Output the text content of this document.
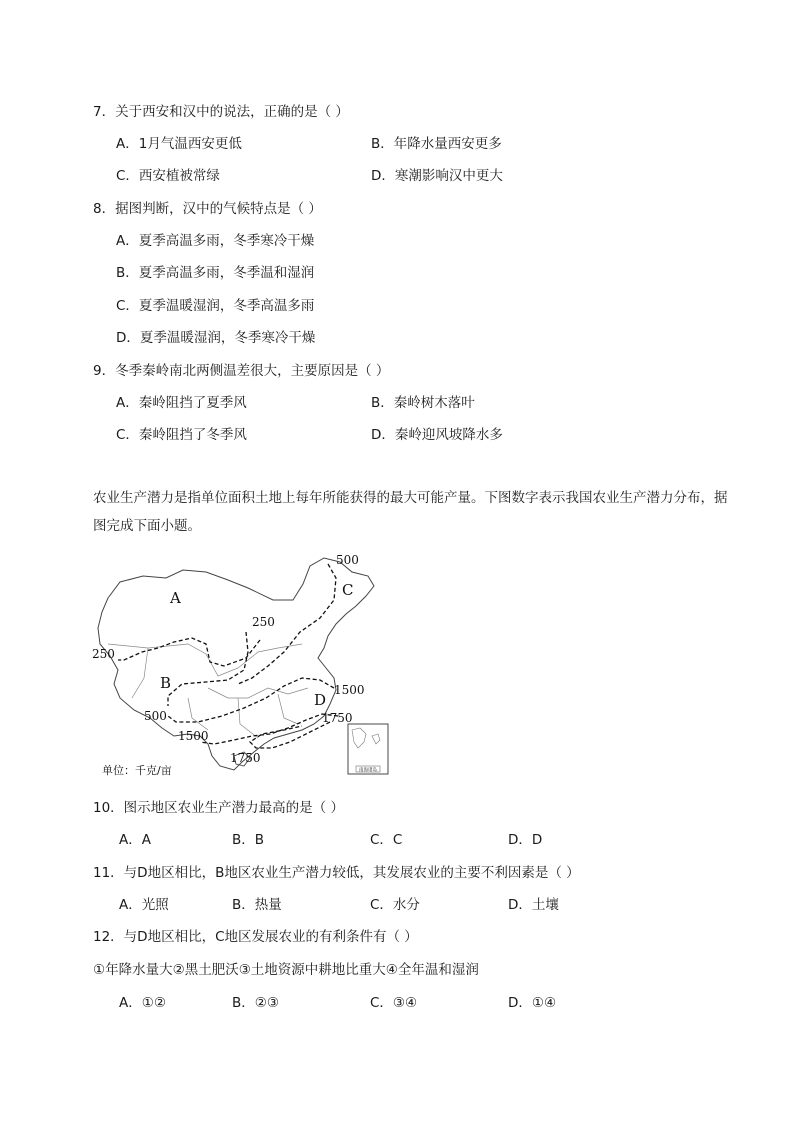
7．关于西安和汉中的说法，正确的是（ ）
A．1月气温西安更低	B．年降水量西安更多
C．西安植被常绿	D．寒潮影响汉中更大
8．据图判断，汉中的气候特点是（ ）
A．夏季高温多雨，冬季寒冷干燥
B．夏季高温多雨，冬季温和湿润
C．夏季温暖湿润，冬季高温多雨
D．夏季温暖湿润，冬季寒冷干燥
9．冬季秦岭南北两侧温差很大，主要原因是（ ）
A．秦岭阻挡了夏季风	B．秦岭树木落叶
C．秦岭阻挡了冬季风	D．秦岭迎风坡降水多
农业生产潜力是指单位面积土地上每年所能获得的最大可能产量。下图数字表示我国农业生产潜力分布，据图完成下面小题。
南海诸岛
A
B
C
D
500
250
250
1500
500	1750
1500
1750
单位：千克/亩
10．图示地区农业生产潜力最高的是（ ）
A．A	B．B	C．C	D．D
11．与D地区相比，B地区农业生产潜力较低，其发展农业的主要不利因素是（ ）
A．光照	B．热量	C．水分	D．土壤
12．与D地区相比，C地区发展农业的有利条件有（ ）
①年降水量大②黑土肥沃③土地资源中耕地比重大④全年温和湿润
A．①②	B．②③	C．③④	D．①④
